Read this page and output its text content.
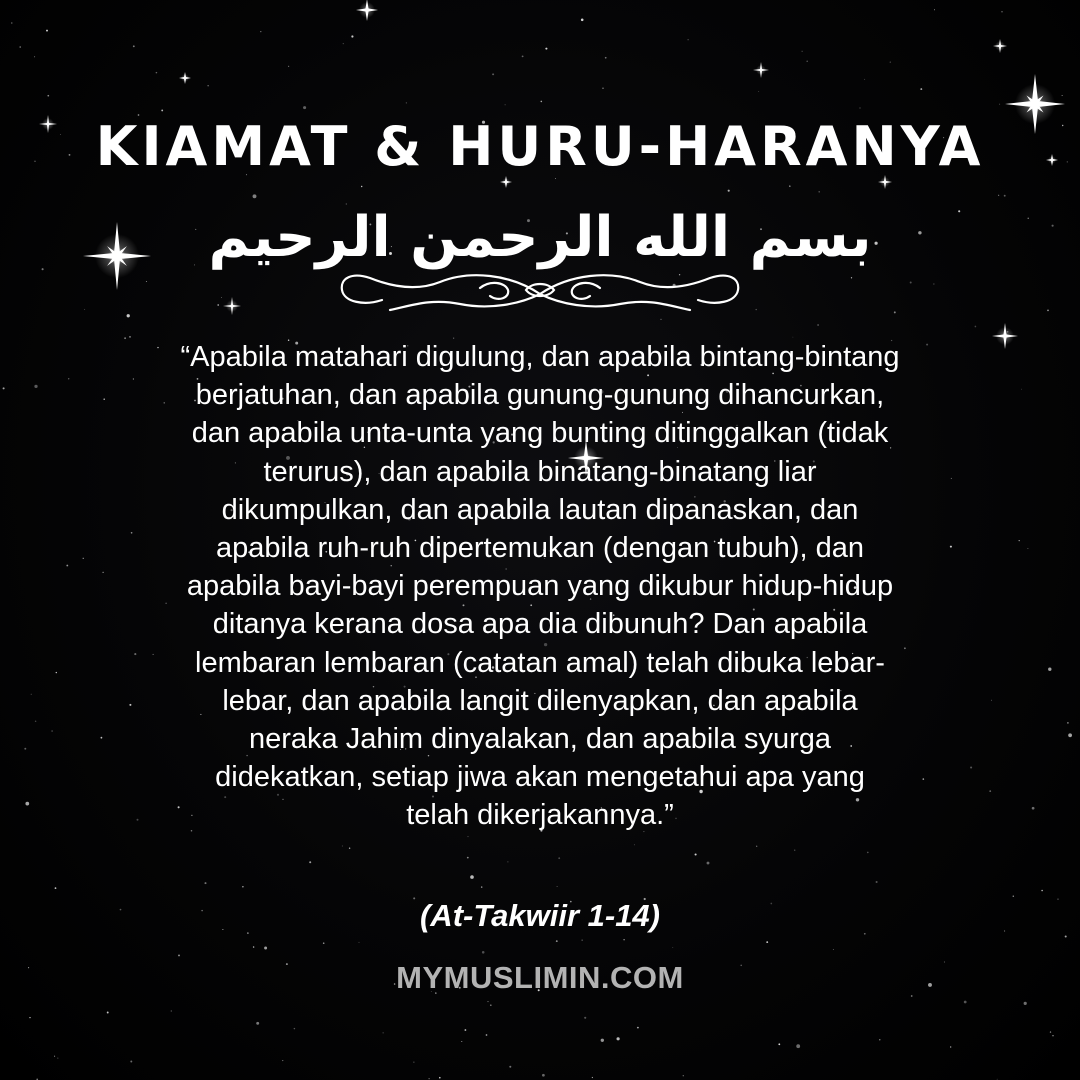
KIAMAT & HURU-HARANYA
بسم الله الرحمن الرحيم
“Apabila matahari digulung, dan apabila bintang-bintang berjatuhan, dan apabila gunung-gunung dihancurkan, dan apabila unta-unta yang bunting ditinggalkan (tidak terurus), dan apabila binatang-binatang liar dikumpulkan, dan apabila lautan dipanaskan, dan apabila ruh-ruh dipertemukan (dengan tubuh), dan apabila bayi-bayi perempuan yang dikubur hidup-hidup ditanya kerana dosa apa dia dibunuh? Dan apabila lembaran lembaran (catatan amal) telah dibuka lebar-lebar, dan apabila langit dilenyapkan, dan apabila neraka Jahim dinyalakan, dan apabila syurga didekatkan, setiap jiwa akan mengetahui apa yang telah dikerjakannya.”
(At-Takwiir 1-14)
MYMUSLIMIN.COM
